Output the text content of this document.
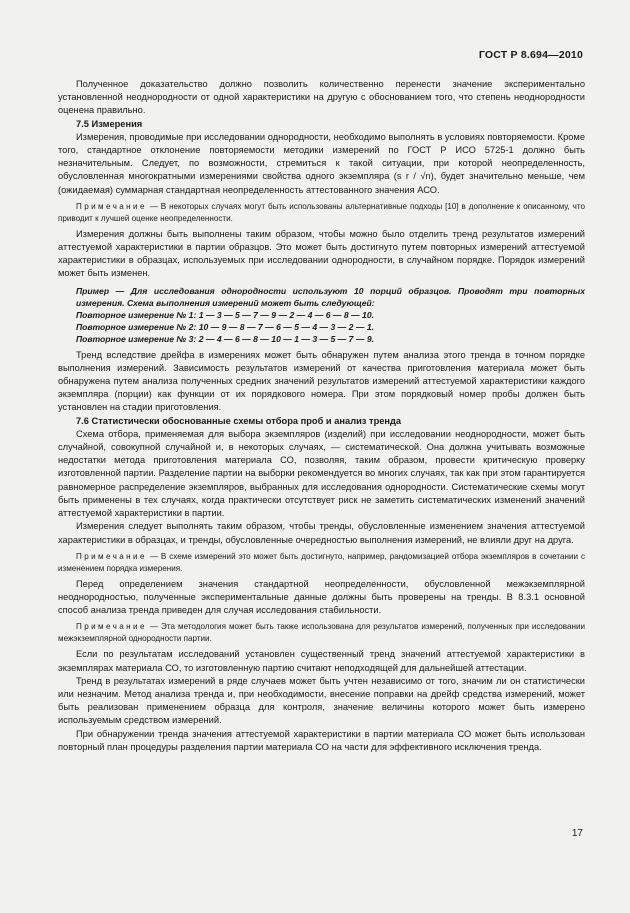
ГОСТ Р 8.694—2010

Полученное доказательство должно позволить количественно перенести значение экспериментально установленной неоднородности от одной характеристики на другую с обоснованием того, что степень неоднородности оценена правильно.

7.5 Измерения

Измерения, проводимые при исследовании однородности, необходимо выполнять в условиях повторяемости. Кроме того, стандартное отклонение повторяемости методики измерений по ГОСТ Р ИСО 5725-1 должно быть незначительным. Следует, по возможности, стремиться к такой ситуации, при которой неопределенность, обусловленная многократными измерениями свойства одного экземпляра (s r / √n), будет значительно меньше, чем (ожидаемая) суммарная стандартная неопределенность аттестованного значения АСО.

Примечание — В некоторых случаях могут быть использованы альтернативные подходы [10] в дополнение к описанному, что приводит к лучшей оценке неопределенности.

Измерения должны быть выполнены таким образом, чтобы можно было отделить тренд результатов измерений аттестуемой характеристики в партии образцов. Это может быть достигнуто путем повторных измерений аттестуемой характеристики в образцах, используемых при исследовании однородности, в случайном порядке. Порядок измерений может быть изменен.

Пример — Для исследования однородности используют 10 порций образцов. Проводят три повторных измерения. Схема выполнения измерений может быть следующей:
Повторное измерение № 1: 1 — 3 — 5 — 7 — 9 — 2 — 4 — 6 — 8 — 10.
Повторное измерение № 2: 10 — 9 — 8 — 7 — 6 — 5 — 4 — 3 — 2 — 1.
Повторное измерение № 3: 2 — 4 — 6 — 8 — 10 — 1 — 3 — 5 — 7 — 9.

Тренд вследствие дрейфа в измерениях может быть обнаружен путем анализа этого тренда в точном порядке выполнения измерений. Зависимость результатов измерений от качества приготовления материала может быть обнаружена путем анализа полученных средних значений результатов измерений аттестуемой характеристики каждого экземпляра (порции) как функции от их порядкового номера. При этом порядковый номер пробы должен быть установлен на стадии приготовления.

7.6 Статистически обоснованные схемы отбора проб и анализ тренда

Схема отбора, применяемая для выбора экземпляров (изделий) при исследовании неоднородности, может быть случайной, совокупной случайной и, в некоторых случаях, — систематической. Она должна учитывать возможные недостатки метода приготовления материала СО, позволяя, таким образом, провести критическую проверку изготовленной партии. Разделение партии на выборки рекомендуется во многих случаях, так как при этом гарантируется равномерное распределение экземпляров, выбранных для исследования однородности. Систематические схемы могут быть применены в тех случаях, когда практически отсутствует риск не заметить систематических изменений значений аттестуемой характеристики в партии.

Измерения следует выполнять таким образом, чтобы тренды, обусловленные изменением значения аттестуемой характеристики в образцах, и тренды, обусловленные очередностью выполнения измерений, не влияли друг на друга.

Примечание — В схеме измерений это может быть достигнуто, например, рандомизацией отбора экземпляров в сочетании с изменением порядка измерения.

Перед определением значения стандартной неопределенности, обусловленной межэкземплярной неоднородностью, полученные экспериментальные данные должны быть проверены на тренды. В 8.3.1 основной способ анализа тренда приведен для случая исследования стабильности.

Примечание — Эта методология может быть также использована для результатов измерений, полученных при исследовании межэкземплярной однородности партии.

Если по результатам исследований установлен существенный тренд значений аттестуемой характеристики в экземплярах материала СО, то изготовленную партию считают неподходящей для дальнейшей аттестации.

Тренд в результатах измерений в ряде случаев может быть учтен независимо от того, значим ли он статистически или незначим. Метод анализа тренда и, при необходимости, внесение поправки на дрейф средства измерений, может быть реализован применением образца для контроля, значение величины которого может быть измерено используемым средством измерений.

При обнаружении тренда значения аттестуемой характеристики в партии материала СО может быть использован повторный план процедуры разделения партии материала СО на части для эффективного исключения тренда.

17
